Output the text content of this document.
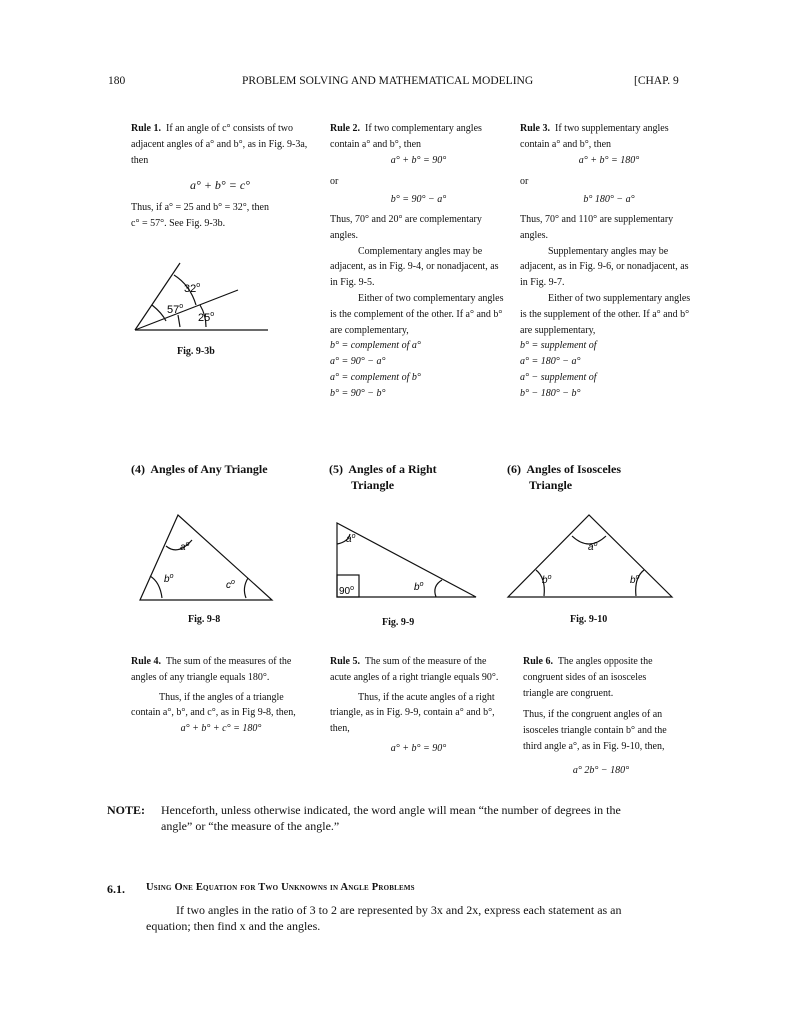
180	PROBLEM SOLVING AND MATHEMATICAL MODELING	[CHAP. 9

Rule 1. If an angle of c° consists of two adjacent angles of a° and b°, as in Fig. 9-3a, then

a° + b° = c°

Thus, if a° = 25 and b° = 32°, then

c° = 57°. See Fig. 9-3b.

32$^o$
57$^o$
25$^o$
Fig. 9-3b

Rule 2. If two complementary angles contain a° and b°, then

a° + b° = 90°

or

b° = 90° − a°

Thus, 70° and 20° are complementary angles.

Complementary angles may be adjacent, as in Fig. 9-4, or nonadjacent, as in Fig. 9-5.

Either of two complementary angles is the complement of the other. If a° and b° are complementary,

b° = complement of a°

a° = 90° − a°

a° = complement of b°

b° = 90° − b°

Rule 3. If two supplementary angles contain a° and b°, then

a° + b° = 180°

or

b° 180° − a°

Thus, 70° and 110° are supplementary angles.

Supplementary angles may be adjacent, as in Fig. 9-6, or nonadjacent, as in Fig. 9-7.

Either of two supplementary angles is the supplement of the other. If a° and b° are supplementary,

b° = supplement of

a° = 180° − a°

a° − supplement of

b° − 180° − b°

(4) Angles of Any Triangle	(5) Angles of a Right
Triangle
(6) Angles of Isosceles
Triangle
$a^o$
$b^o$
$c^o$
Fig. 9-8
$a^o$
$b^o$
90$^o$
Fig. 9-9
$a^o$
$b^o$	$b^o$
Fig. 9-10

Rule 4. The sum of the measures of the angles of any triangle equals 180°.

Thus, if the angles of a triangle contain a°, b°, and c°, as in Fig 9-8, then,

a° + b° + c° = 180°

Rule 5. The sum of the measure of the acute angles of a right triangle equals 90°.

Thus, if the acute angles of a right triangle, as in Fig. 9-9, contain a° and b°, then,

a° + b° = 90°

Rule 6. The angles opposite the congruent sides of an isosceles triangle are congruent.

Thus, if the congruent angles of an isosceles triangle contain b° and the third angle a°, as in Fig. 9-10, then,

a° 2b° − 180°

NOTE: Henceforth, unless otherwise indicated, the word angle will mean “the number of degrees in the
angle” or “the measure of the angle.”
6.1. Using One Equation for Two Unknowns in Angle Problems
If two angles in the ratio of 3 to 2 are represented by 3x and 2x, express each statement as an
equation; then find x and the angles.
